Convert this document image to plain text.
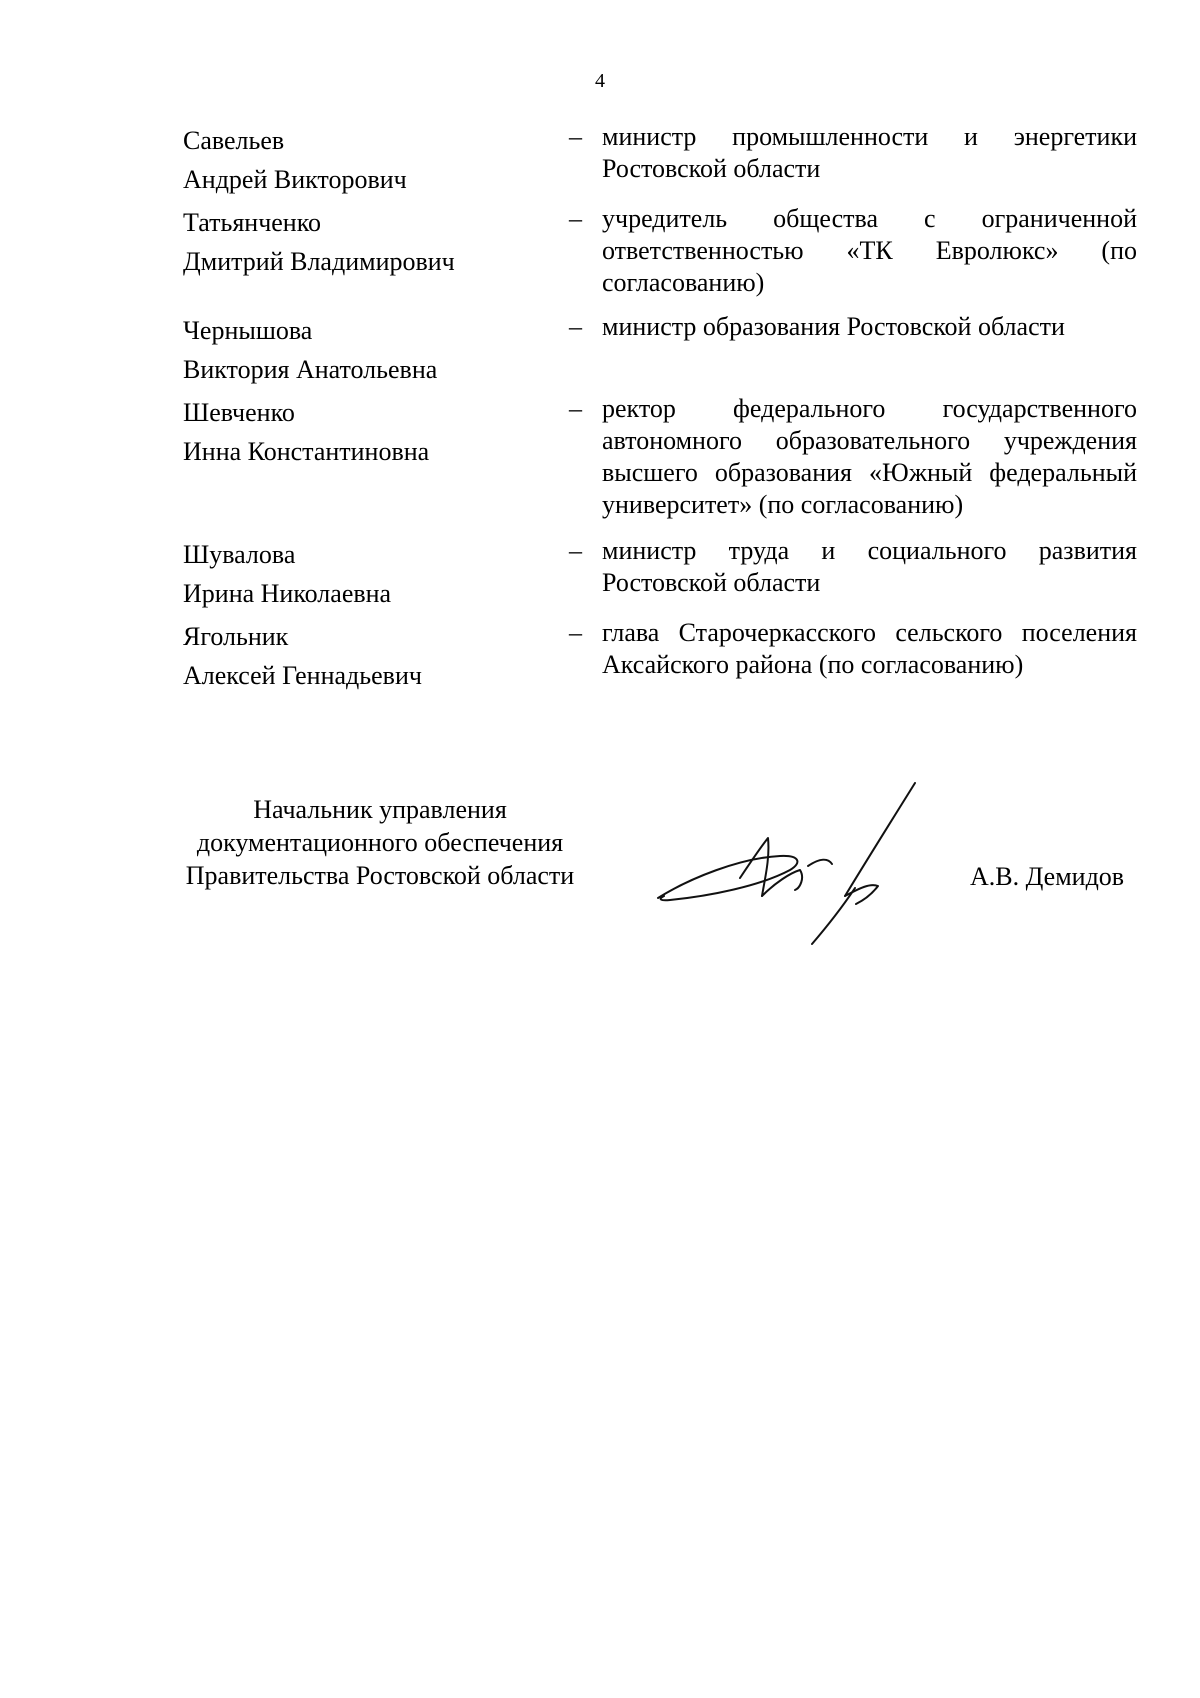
4
Савельев
Андрей Викторович
– министр промышленности и энергетики Ростовской области
Татьянченко
Дмитрий Владимирович
– учредитель общества с ограниченной ответственностью «ТК Евролюкс» (по согласованию)
Чернышова
Виктория Анатольевна
– министр образования Ростовской области
Шевченко
Инна Константиновна
– ректор федерального государственного автономного образовательного учреждения высшего образования «Южный федеральный университет» (по согласованию)
Шувалова
Ирина Николаевна
– министр труда и социального развития Ростовской области
Ягольник
Алексей Геннадьевич
– глава Старочеркасского сельского поселения Аксайского района (по согласованию)
Начальник управления
документационного обеспечения
Правительства Ростовской области	А.В. Демидов
